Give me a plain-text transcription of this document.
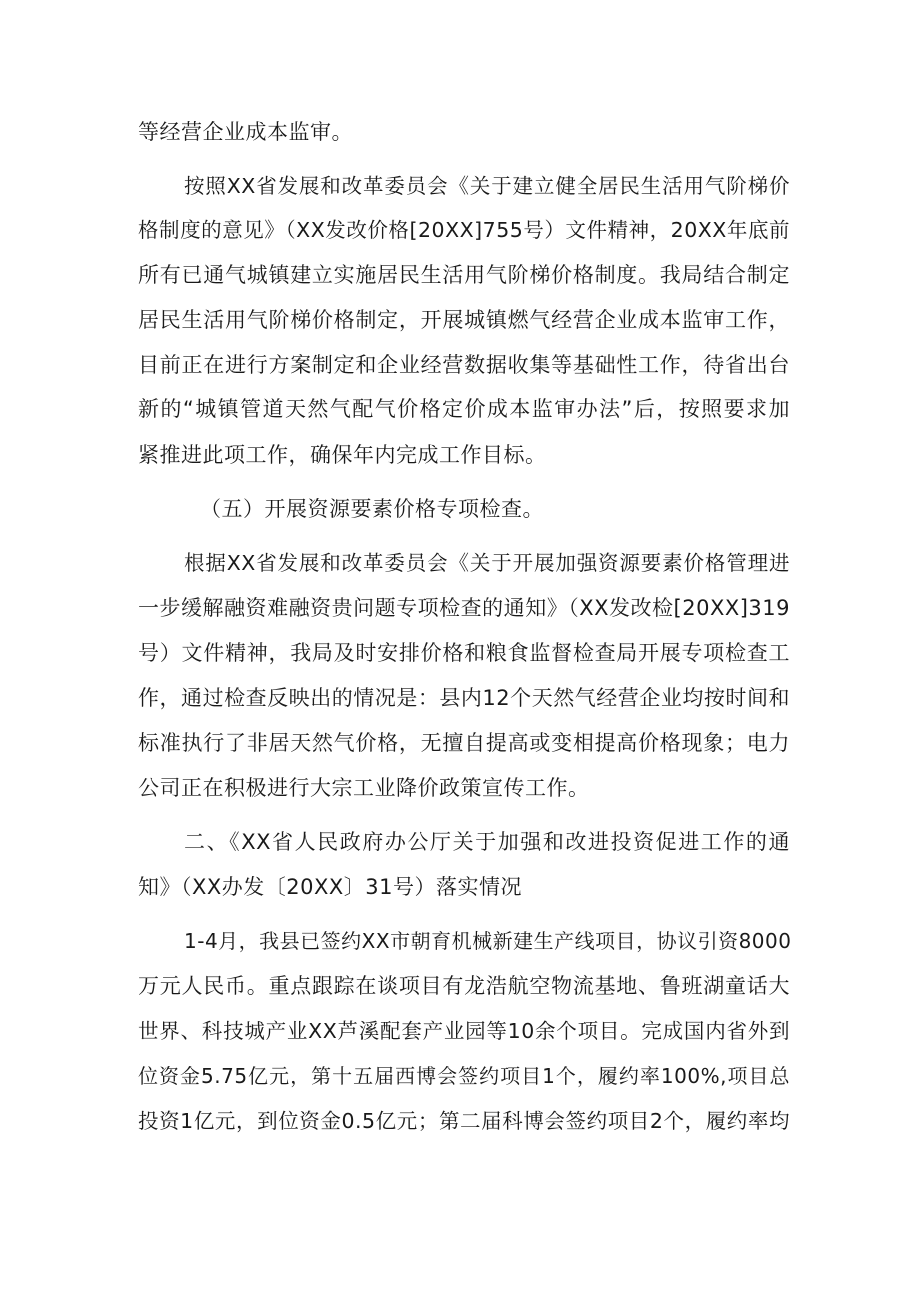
等经营企业成本监审。
按照XX省发展和改革委员会《关于建立健全居民生活用气阶梯价
格制度的意见》（XX发改价格[20XX]755号）文件精神，20XX年底前
所有已通气城镇建立实施居民生活用气阶梯价格制度。我局结合制定
居民生活用气阶梯价格制定，开展城镇燃气经营企业成本监审工作，
目前正在进行方案制定和企业经营数据收集等基础性工作，待省出台
新的“城镇管道天然气配气价格定价成本监审办法”后，按照要求加
紧推进此项工作，确保年内完成工作目标。
（五）开展资源要素价格专项检查。
根据XX省发展和改革委员会《关于开展加强资源要素价格管理进
一步缓解融资难融资贵问题专项检查的通知》（XX发改检[20XX]319
号）文件精神，我局及时安排价格和粮食监督检查局开展专项检查工
作，通过检查反映出的情况是：县内12个天然气经营企业均按时间和
标准执行了非居天然气价格，无擅自提高或变相提高价格现象；电力
公司正在积极进行大宗工业降价政策宣传工作。
二、《XX省人民政府办公厅关于加强和改进投资促进工作的通
知》（XX办发〔20XX〕31号）落实情况
1-4月，我县已签约XX市朝育机械新建生产线项目，协议引资8000
万元人民币。重点跟踪在谈项目有龙浩航空物流基地、鲁班湖童话大
世界、科技城产业XX芦溪配套产业园等10余个项目。完成国内省外到
位资金5.75亿元，第十五届西博会签约项目1个，履约率100%,项目总
投资1亿元，到位资金0.5亿元；第二届科博会签约项目2个，履约率均
